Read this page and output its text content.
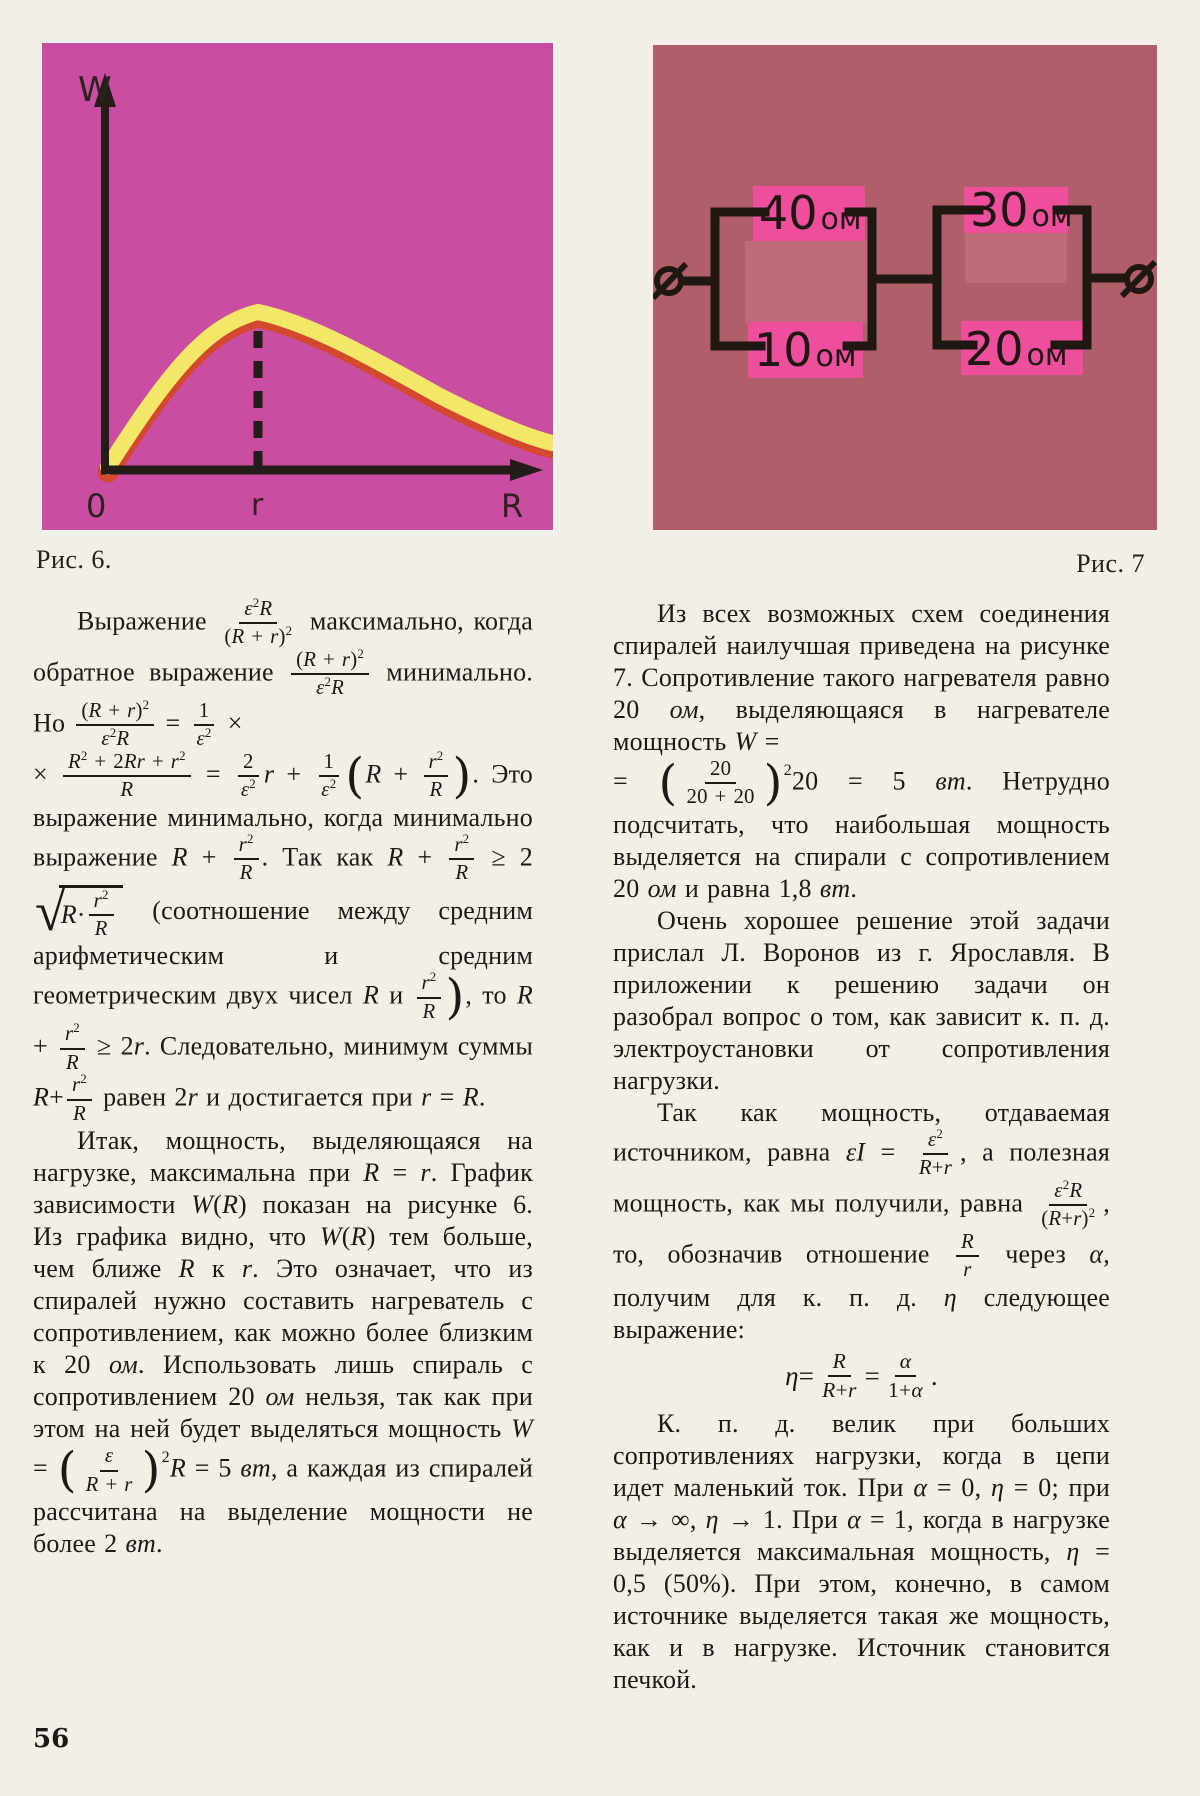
W
0	r	R
40 ом
10 ом
30 ом
20 ом
Рис. 6.	Рис. 7

Выражение $\frac{\varepsilon^2R}{(R + r)^2}$ максимально, когда обратное выражение $\frac{(R + r)^2}{\varepsilon^2R}$ минимально. Но $\frac{(R + r)^2}{\varepsilon^2R} = \frac{1}{\varepsilon^2}$ ×
× $\frac{R^2 + 2Rr + r^2}{R} = \frac{2}{\varepsilon^2}$ $r + \frac{1}{\varepsilon^2} (R + \frac{r^2}{R}$ ). Это выражение минимально, когда минимально выражение $R + \frac{r^2}{R}$ . Так как $R + \frac{r^2}{R} \ge 2$ √
$R \cdot \frac{r^2}{R}$ (соотношение между средним арифметическим и средним геометрическим двух чисел R и $\frac{r^2}{R}$ ), то $R + \frac{r^2}{R} \ge 2r$. Следовательно, минимум суммы $R+ \frac{r^2}{R}$ равен 2r и достигается при r = R.

Итак, мощность, выделяющаяся на нагрузке, максимальна при R = r. График зависимости W(R) показан на рисунке 6. Из графика видно, что W(R) тем больше, чем ближе R к r. Это означает, что из спиралей нужно составить нагреватель с сопротивлением, как можно более близким к 20 ом. Использовать лишь спираль с сопротивлением 20 ом нельзя, так как при этом на ней будет выделяться мощность W = ( $\frac{\varepsilon}{R + r} )^2R = 5$ вт, а каждая из спиралей рассчитана на выделение мощности не более 2 вт.

Из всех возможных схем соединения спиралей наилучшая приведена на рисунке 7. Сопротивление такого нагревателя равно 20 ом, выделяющаяся в нагревателе мощность W =
= ( $\frac{20}{20 + 20} )^220 = 5$ вт. Нетрудно подсчитать, что наибольшая мощность выделяется на спирали с сопротивлением 20 ом и равна 1,8 вт.

Очень хорошее решение этой задачи прислал Л. Воронов из г. Ярославля. В приложении к решению задачи он разобрал вопрос о том, как зависит к. п. д. электроустановки от сопротивления нагрузки.

Так как мощность, отдаваемая источником, равна $\varepsilon I = \frac{\varepsilon^2}{R+r}$ , а полезная мощность, как мы получили, равна $\frac{\varepsilon^2R}{(R+r)^2}$ , то, обозначив отношение $\frac{R}{r}$ через α, получим для к. п. д. η следующее выражение:

$\eta = \frac{R}{R+r} = \frac{\alpha}{1+\alpha}$ .

К. п. д. велик при больших сопротивлениях нагрузки, когда в цепи идет маленький ток. При α = 0, η = 0; при α → ∞, η → 1. При α = 1, когда в нагрузке выделяется максимальная мощность, η = 0,5 (50%). При этом, конечно, в самом источнике выделяется такая же мощность, как и в нагрузке. Источник становится печкой.

56
